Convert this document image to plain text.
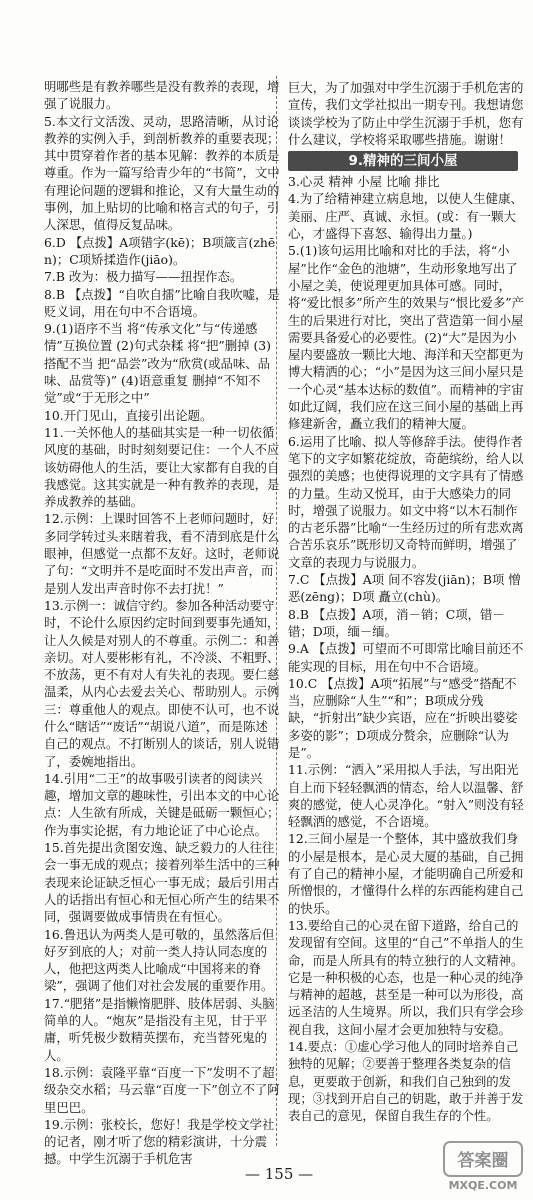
明哪些是有教养哪些是没有教养的表现，增强了说服力。

5.本文行文活泼、灵动，思路清晰，从讨论教养的实例入手，到剖析教养的重要表现；其中贯穿着作者的基本见解：教养的本质是尊重。作为一篇写给青少年的“书简”，文中有理论问题的逻辑和推论，又有大量生动的事例，加上贴切的比喻和格言式的句子，引人深思，值得反复品味。

6.D 【点拨】A项错字(kē)；B项箴言(zhēn)；C项矫揉造作(jiāo)。

7.B 改为：极力描写——扭捏作态。

8.B 【点拨】“自吹自擂”比喻自我吹嘘，是贬义词，用在句中不合语境。

9.(1)语序不当 将“传承文化”与“传递感情”互换位置 (2)句式杂糅 将“把”删掉 (3)搭配不当 把“品尝”改为“欣赏(或品味、品味、品赏等)” (4)语意重复 删掉“不知不觉”或“于无形之中”

10.开门见山，直接引出论题。

11.一关怀他人的基础其实是一种一切依循风度的基础，时时刻刻要记住：一个人不应该妨碍他人的生活，要让大家都有自我的自我感觉。这其实就是一种有教养的表现，是养成教养的基础。

12.示例：上课时回答不上老师问题时，好多同学转过头来瞎着我，看不清到底是什么眼神，但感觉一点都不友好。这时，老师说了句：“文明并不是吃面时不发出声音，而是别人发出声音时你不去打扰！”

13.示例一：诚信守约。参加各种活动要守时，不论什么原因约定时间到要事先通知，让人久候是对别人的不尊重。示例二：和善亲切。对人要彬彬有礼，不冷淡、不粗野、不放荡，更不有对人有失礼的表现。要仁慈温柔，从内心去爱去关心、帮助别人。示例三：尊重他人的观点。即使不认可，也不说什么“瞎话”“废话”“胡说八道”，而是陈述自己的观点。不打断别人的谈话，别人说错了，委婉地指出。

14.引用“二王”的故事吸引读者的阅读兴趣，增加文章的趣味性，引出本文的中心论点：人生欲有所成，关键是砥砺一颗恒心；作为事实论据，有力地论证了中心论点。

15.首先提出贪图安逸、缺乏毅力的人往往会一事无成的观点；接着列举生活中的三种表现来论证缺乏恒心一事无成；最后引用古人的话指出有恒心和无恒心所产生的结果不同，强调要做成事情贵在有恒心。

16.鲁迅认为两类人是可敬的，虽然落后但好歹到底的人；对前一类人持认同态度的人，他把这两类人比喻成“中国将来的脊梁”，强调了他们对社会发展的重要作用。

17.“肥猪”是指懒惰肥胖、肢体居弱、头脑简单的人。“炮灰”是指没有主见，甘于平庸，听凭极少数精英摆布，充当替死鬼的人。

18.示例：袁隆平靠“百度一下”发明不了超级杂交水稻；马云靠“百度一下”创立不了阿里巴巴。

19.示例：张校长，您好！我是学校文学社的记者，刚才听了您的精彩演讲，十分震撼。中学生沉溺于手机危害

巨大，为了加强对中学生沉溺于手机危害的宣传，我们文学社拟出一期专刊。我想请您谈谈学校为了防止中学生沉溺于手机，您有什么建议，学校将采取哪些措施。谢谢！

9.精神的三间小屋

3.心灵 精神 小屋 比喻 排比

4.为了给精神建立病息地，以使人生健康、美丽、庄严、真诚、永恒。(或：有一颗大心，才盛得下喜怒、输得出力量。)

5.(1)该句运用比喻和对比的手法，将“小屋”比作“金色的池塘”，生动形象地写出了小屋之美，使说理更加具体可感。同时，将“爱比恨多”所产生的效果与“恨比爱多”产生的后果进行对比，突出了营造第一间小屋需要具备爱心的必要性。(2)“大”是因为小屋内要盛放一颗比大地、海洋和天空都更为博大精洒的心；“小”是因为这三间小屋只是一个心灵“基本达标的数值”。而精神的宇宙如此辽阔，我们应在这三间小屋的基础上再修建新舍，矗立我们的精神大厦。

6.运用了比喻、拟人等修辞手法。使得作者笔下的文字如繁花绽放，奇葩缤纷，给人以强烈的美感；也使得说理的文字具有了情感的力量。生动又悦耳，由于大感染力的同时，增强了说服力。如文中将“以木石制作的古老乐器”比喻“一生经历过的所有悲欢离合苦乐哀乐”既形切又奇特而鲜明，增强了文章的表现力与说服力。

7.C 【点拨】A项 间不容发(jiān)；B项 憎恶(zēng)；D项 矗立(chù)。

8.B 【点拨】A项，消－销；C项，错－错；D项，缅－缅。

9.A 【点拨】可望而不可即常比喻目前还不能实现的目标，用在句中不合语境。

10.C 【点拨】A项“拓展”与“感受”搭配不当，应删除“人生”“和”；B项成分残缺，“折射出”缺少宾语，应在“折映出婆娑多姿的影”；D项成分赘余，应删除“认为是”。

11.示例：“洒入”采用拟人手法，写出阳光自上而下轻轻飘洒的情态，给人以温馨、舒爽的感觉，使人心灵净化。“射入”则没有轻轻飘洒的感觉，不合语境。

12.三间小屋是一个整体，其中盛放我们身的小屋是根本，是心灵大厦的基础，自己拥有了自己的精神小屋，才能明确自己所爱和所憎恨的，才懂得什么样的东西能构建自己的快乐。

13.要给自己的心灵在留下道路，给自己的发现留有空间。这里的“自己”不单指人的生命，而是人所具有的特立独行的人文精神。它是一种积极的心态，也是一种心灵的纯净与精神的超越，甚至是一种可以为形役，高远圣洁的人生境界。所以，我们只有学会珍视自我，这间小屋才会更加独特与安稳。

14.要点：①虚心学习他人的同时培养自己独特的见解；②要善于整理各类复杂的信息，更要敢于创新，和我们自己独到的发现；③找到开启自己的钥匙，敢于并善于发表自己的意见，保留自我生存的个性。

— 155 —
答案圈
MXQE.COM
